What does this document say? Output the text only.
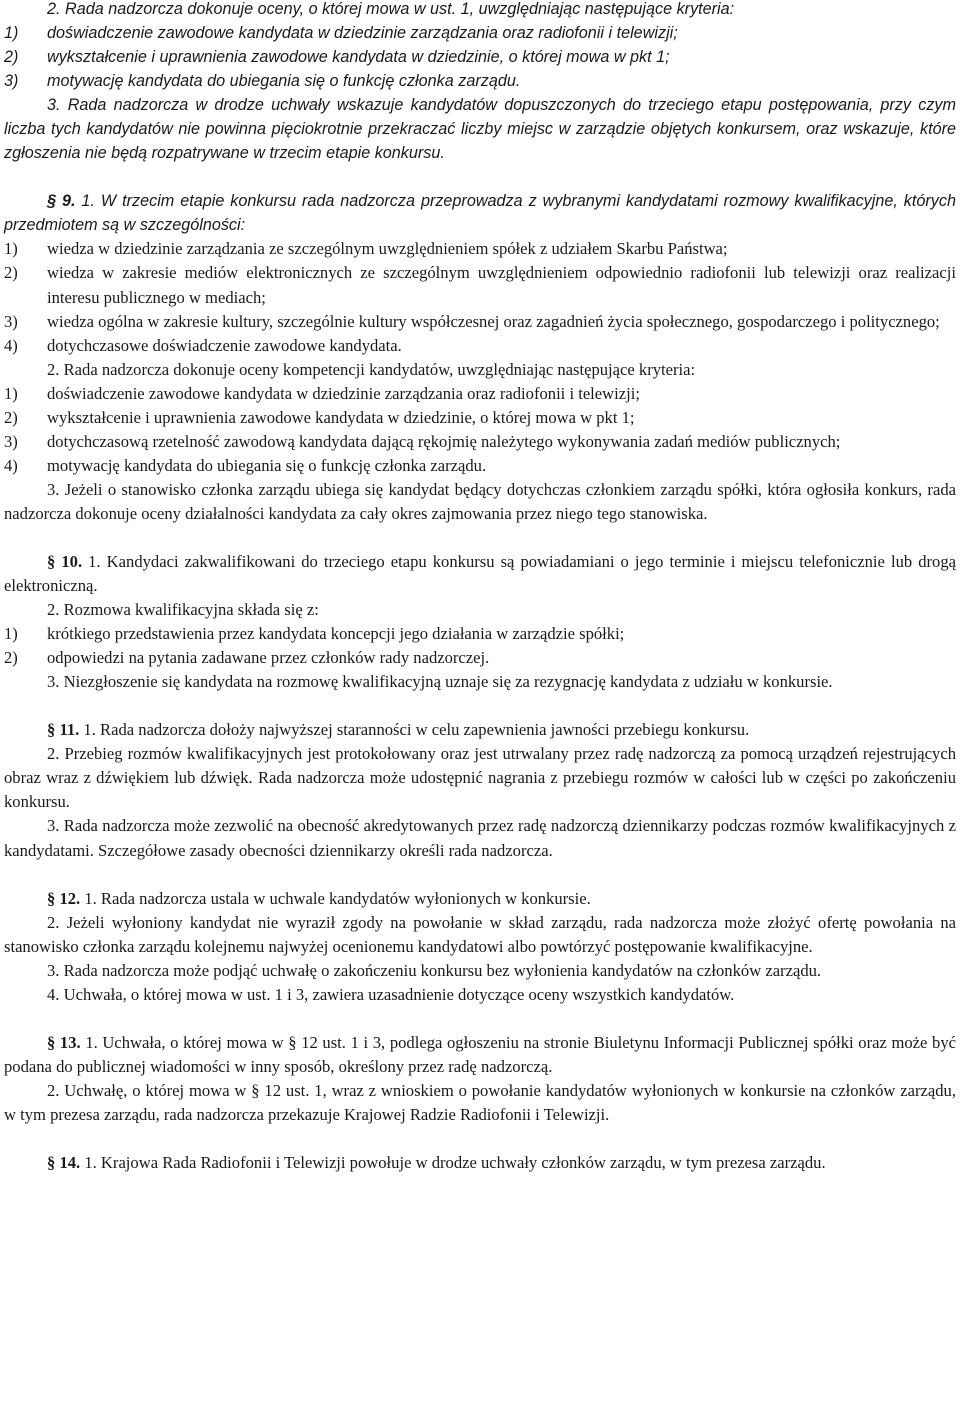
2. Rada nadzorcza dokonuje oceny, o której mowa w ust. 1, uwzględniając następujące kryteria:

1) doświadczenie zawodowe kandydata w dziedzinie zarządzania oraz radiofonii i telewizji;

2) wykształcenie i uprawnienia zawodowe kandydata w dziedzinie, o której mowa w pkt 1;

3) motywację kandydata do ubiegania się o funkcję członka zarządu.

3. Rada nadzorcza w drodze uchwały wskazuje kandydatów dopuszczonych do trzeciego etapu postępowania, przy czym liczba tych kandydatów nie powinna pięciokrotnie przekraczać liczby miejsc w zarządzie objętych konkursem, oraz wskazuje, które zgłoszenia nie będą rozpatrywane w trzecim etapie konkursu.

§ 9. 1. W trzecim etapie konkursu rada nadzorcza przeprowadza z wybranymi kandydatami rozmowy kwalifikacyjne, których przedmiotem są w szczególności:

1) wiedza w dziedzinie zarządzania ze szczególnym uwzględnieniem spółek z udziałem Skarbu Państwa;

2) wiedza w zakresie mediów elektronicznych ze szczególnym uwzględnieniem odpowiednio radiofonii lub telewizji oraz realizacji interesu publicznego w mediach;

3) wiedza ogólna w zakresie kultury, szczególnie kultury współczesnej oraz zagadnień życia społecznego, gospodarczego i politycznego;

4) dotychczasowe doświadczenie zawodowe kandydata.

2. Rada nadzorcza dokonuje oceny kompetencji kandydatów, uwzględniając następujące kryteria:

1) doświadczenie zawodowe kandydata w dziedzinie zarządzania oraz radiofonii i telewizji;

2) wykształcenie i uprawnienia zawodowe kandydata w dziedzinie, o której mowa w pkt 1;

3) dotychczasową rzetelność zawodową kandydata dającą rękojmię należytego wykonywania zadań mediów publicznych;

4) motywację kandydata do ubiegania się o funkcję członka zarządu.

3. Jeżeli o stanowisko członka zarządu ubiega się kandydat będący dotychczas członkiem zarządu spółki, która ogłosiła konkurs, rada nadzorcza dokonuje oceny działalności kandydata za cały okres zajmowania przez niego tego stanowiska.

§ 10. 1. Kandydaci zakwalifikowani do trzeciego etapu konkursu są powiadamiani o jego terminie i miejscu telefonicznie lub drogą elektroniczną.

2. Rozmowa kwalifikacyjna składa się z:

1) krótkiego przedstawienia przez kandydata koncepcji jego działania w zarządzie spółki;

2) odpowiedzi na pytania zadawane przez członków rady nadzorczej.

3. Niezgłoszenie się kandydata na rozmowę kwalifikacyjną uznaje się za rezygnację kandydata z udziału w konkursie.

§ 11. 1. Rada nadzorcza dołoży najwyższej staranności w celu zapewnienia jawności przebiegu konkursu.

2. Przebieg rozmów kwalifikacyjnych jest protokołowany oraz jest utrwalany przez radę nadzorczą za pomocą urządzeń rejestrujących obraz wraz z dźwiękiem lub dźwięk. Rada nadzorcza może udostępnić nagrania z przebiegu rozmów w całości lub w części po zakończeniu konkursu.

3. Rada nadzorcza może zezwolić na obecność akredytowanych przez radę nadzorczą dziennikarzy podczas rozmów kwalifikacyjnych z kandydatami. Szczegółowe zasady obecności dziennikarzy określi rada nadzorcza.

§ 12. 1. Rada nadzorcza ustala w uchwale kandydatów wyłonionych w konkursie.

2. Jeżeli wyłoniony kandydat nie wyraził zgody na powołanie w skład zarządu, rada nadzorcza może złożyć ofertę powołania na stanowisko członka zarządu kolejnemu najwyżej ocenionemu kandydatowi albo powtórzyć postępowanie kwalifikacyjne.

3. Rada nadzorcza może podjąć uchwałę o zakończeniu konkursu bez wyłonienia kandydatów na członków zarządu.

4. Uchwała, o której mowa w ust. 1 i 3, zawiera uzasadnienie dotyczące oceny wszystkich kandydatów.

§ 13. 1. Uchwała, o której mowa w § 12 ust. 1 i 3, podlega ogłoszeniu na stronie Biuletynu Informacji Publicznej spółki oraz może być podana do publicznej wiadomości w inny sposób, określony przez radę nadzorczą.

2. Uchwałę, o której mowa w § 12 ust. 1, wraz z wnioskiem o powołanie kandydatów wyłonionych w konkursie na członków zarządu, w tym prezesa zarządu, rada nadzorcza przekazuje Krajowej Radzie Radiofonii i Telewizji.

§ 14. 1. Krajowa Rada Radiofonii i Telewizji powołuje w drodze uchwały członków zarządu, w tym prezesa zarządu.
